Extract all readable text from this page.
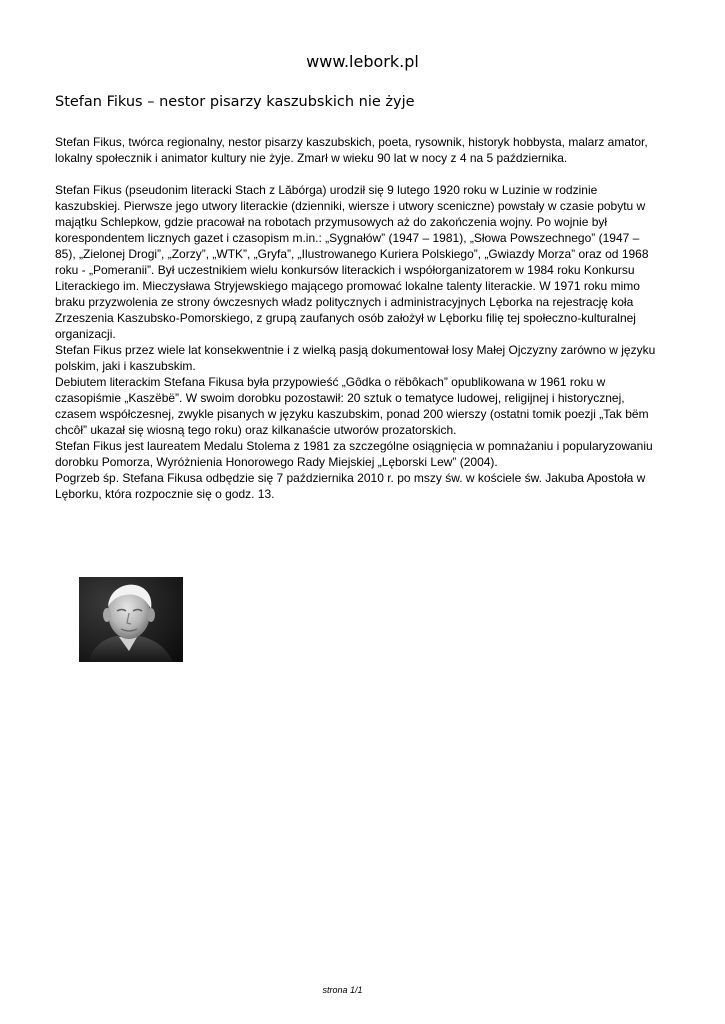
www.lebork.pl
Stefan Fikus – nestor pisarzy kaszubskich nie żyje

Stefan Fikus, twórca regionalny, nestor pisarzy kaszubskich, poeta, rysownik, historyk hobbysta, malarz amator,
lokalny społecznik i animator kultury nie żyje. Zmarł w wieku 90 lat w nocy z 4 na 5 października.

Stefan Fikus (pseudonim literacki Stach z Lăbórga) urodził się 9 lutego 1920 roku w Luzinie w rodzinie
kaszubskiej. Pierwsze jego utwory literackie (dzienniki, wiersze i utwory sceniczne) powstały w czasie pobytu w
majątku Schlepkow, gdzie pracował na robotach przymusowych aż do zakończenia wojny. Po wojnie był
korespondentem licznych gazet i czasopism m.in.: „Sygnałów” (1947 – 1981), „Słowa Powszechnego” (1947 –
85), „Zielonej Drogi”, „Zorzy”, „WTK”, „Gryfa”, „Ilustrowanego Kuriera Polskiego”, „Gwiazdy Morza” oraz od 1968
roku - „Pomeranii”. Był uczestnikiem wielu konkursów literackich i współorganizatorem w 1984 roku Konkursu
Literackiego im. Mieczysława Stryjewskiego mającego promować lokalne talenty literackie. W 1971 roku mimo
braku przyzwolenia ze strony ówczesnych władz politycznych i administracyjnych Lęborka na rejestrację koła
Zrzeszenia Kaszubsko-Pomorskiego, z grupą zaufanych osób założył w Lęborku filię tej społeczno-kulturalnej
organizacji.

Stefan Fikus przez wiele lat konsekwentnie i z wielką pasją dokumentował losy Małej Ojczyzny zarówno w języku
polskim, jaki i kaszubskim.

Debiutem literackim Stefana Fikusa była przypowieść „Gôdka o rëbôkach” opublikowana w 1961 roku w
czasopiśmie „Kaszëbë”. W swoim dorobku pozostawił: 20 sztuk o tematyce ludowej, religijnej i historycznej,
czasem współczesnej, zwykle pisanych w języku kaszubskim, ponad 200 wierszy (ostatni tomik poezji „Tak bëm
chcôł” ukazał się wiosną tego roku) oraz kilkanaście utworów prozatorskich.

Stefan Fikus jest laureatem Medalu Stolema z 1981 za szczególne osiągnięcia w pomnażaniu i popularyzowaniu
dorobku Pomorza, Wyróżnienia Honorowego Rady Miejskiej „Lęborski Lew” (2004).

Pogrzeb śp. Stefana Fikusa odbędzie się 7 października 2010 r. po mszy św. w kościele św. Jakuba Apostoła w
Lęborku, która rozpocznie się o godz. 13.

strona 1/1
